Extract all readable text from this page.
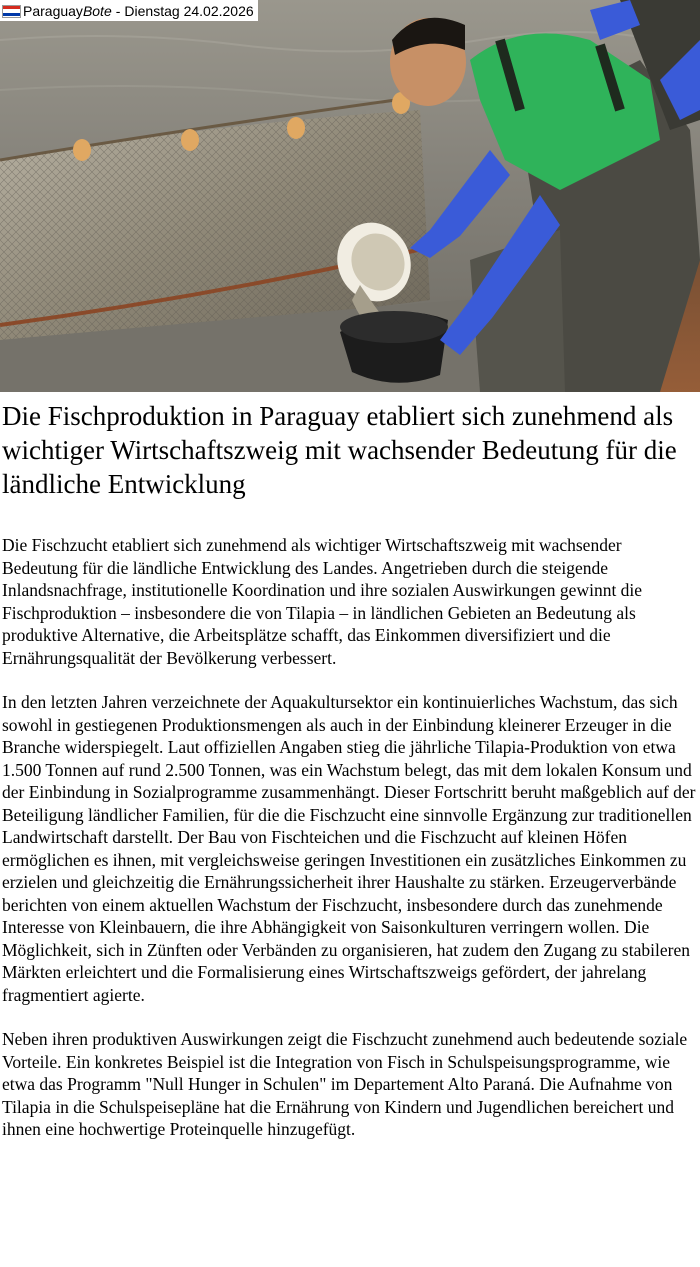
Paraguay Bote - Dienstag 24.02.2026
Die Fischproduktion in Paraguay etabliert sich zunehmend als wichtiger Wirtschaftszweig mit wachsender Bedeutung für die ländliche Entwicklung

Die Fischzucht etabliert sich zunehmend als wichtiger Wirtschaftszweig mit wachsender Bedeutung für die ländliche Entwicklung des Landes. Angetrieben durch die steigende Inlandsnachfrage, institutionelle Koordination und ihre sozialen Auswirkungen gewinnt die Fischproduktion – insbesondere die von Tilapia – in ländlichen Gebieten an Bedeutung als produktive Alternative, die Arbeitsplätze schafft, das Einkommen diversifiziert und die Ernährungsqualität der Bevölkerung verbessert.

In den letzten Jahren verzeichnete der Aquakultursektor ein kontinuierliches Wachstum, das sich sowohl in gestiegenen Produktionsmengen als auch in der Einbindung kleinerer Erzeuger in die Branche widerspiegelt. Laut offiziellen Angaben stieg die jährliche Tilapia-Produktion von etwa 1.500 Tonnen auf rund 2.500 Tonnen, was ein Wachstum belegt, das mit dem lokalen Konsum und der Einbindung in Sozialprogramme zusammenhängt. Dieser Fortschritt beruht maßgeblich auf der Beteiligung ländlicher Familien, für die die Fischzucht eine sinnvolle Ergänzung zur traditionellen Landwirtschaft darstellt. Der Bau von Fischteichen und die Fischzucht auf kleinen Höfen ermöglichen es ihnen, mit vergleichsweise geringen Investitionen ein zusätzliches Einkommen zu erzielen und gleichzeitig die Ernährungssicherheit ihrer Haushalte zu stärken. Erzeugerverbände berichten von einem aktuellen Wachstum der Fischzucht, insbesondere durch das zunehmende Interesse von Kleinbauern, die ihre Abhängigkeit von Saisonkulturen verringern wollen. Die Möglichkeit, sich in Zünften oder Verbänden zu organisieren, hat zudem den Zugang zu stabileren Märkten erleichtert und die Formalisierung eines Wirtschaftszweigs gefördert, der jahrelang fragmentiert agierte.

Neben ihren produktiven Auswirkungen zeigt die Fischzucht zunehmend auch bedeutende soziale Vorteile. Ein konkretes Beispiel ist die Integration von Fisch in Schulspeisungsprogramme, wie etwa das Programm "Null Hunger in Schulen" im Departement Alto Paraná. Die Aufnahme von Tilapia in die Schulspeisepläne hat die Ernährung von Kindern und Jugendlichen bereichert und ihnen eine hochwertige Proteinquelle hinzugefügt.
